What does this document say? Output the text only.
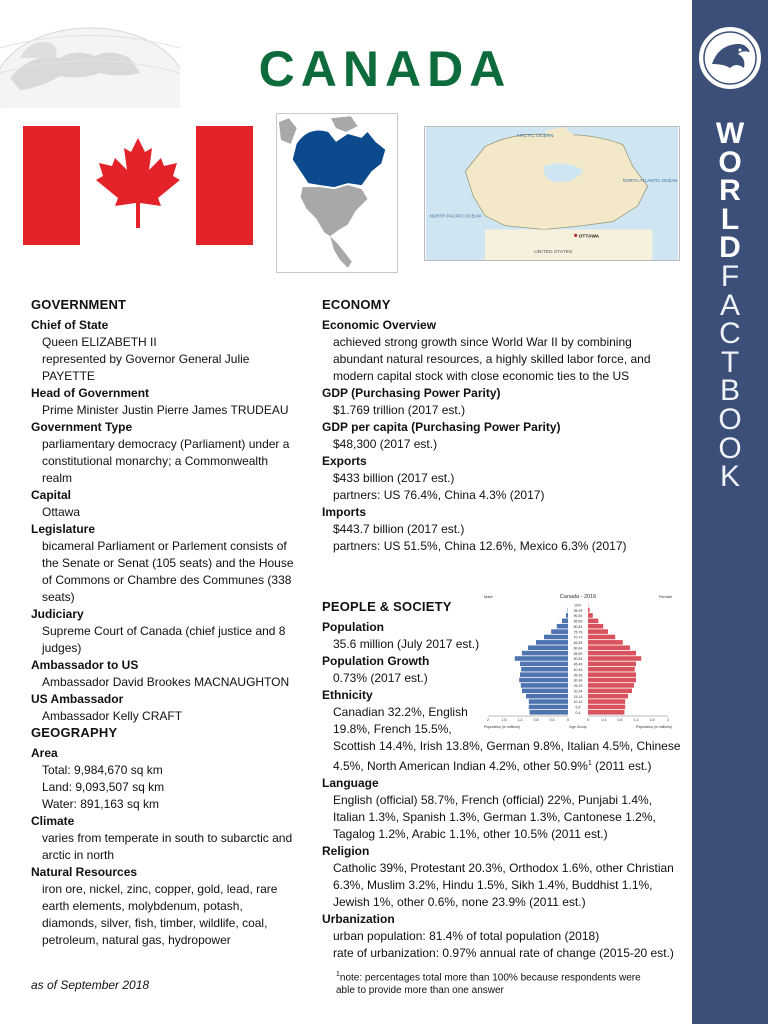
CANADA
W
O
R
L
D
F
A
C
T
B
O
O
K
ARCTIC OCEAN
NORTH PACIFIC OCEAN
NORTH ATLANTIC OCEAN
OTTAWA
UNITED STATES
GOVERNMENT
Chief of State
Queen ELIZABETH II
represented by Governor General Julie PAYETTE
Head of Government
Prime Minister Justin Pierre James TRUDEAU
Government Type
parliamentary democracy (Parliament) under a constitutional monarchy; a Commonwealth realm
Capital
Ottawa
Legislature
bicameral Parliament or Parlement consists of the Senate or Senat (105 seats) and the House of Commons or Chambre des Communes (338 seats)
Judiciary
Supreme Court of Canada (chief justice and 8 judges)
Ambassador to US
Ambassador David Brookes MACNAUGHTON
US Ambassador
Ambassador Kelly CRAFT
GEOGRAPHY
Area
Total: 9,984,670 sq km
Land: 9,093,507 sq km
Water: 891,163 sq km
Climate
varies from temperate in south to subarctic and arctic in north
Natural Resources
iron ore, nickel, zinc, copper, gold, lead, rare earth elements, molybdenum, potash, diamonds, silver, fish, timber, wildlife, coal, petroleum, natural gas, hydropower
ECONOMY
Economic Overview
achieved strong growth since World War II by combining abundant natural resources, a highly skilled labor force, and modern capital stock with close economic ties to the US
GDP (Purchasing Power Parity)
$1.769 trillion (2017 est.)
GDP per capita (Purchasing Power Parity)
$48,300 (2017 est.)
Exports
$433 billion (2017 est.)
partners: US 76.4%, China 4.3% (2017)
Imports
$443.7 billion (2017 est.)
partners: US 51.5%, China 12.6%, Mexico 6.3% (2017)
PEOPLE & SOCIETY
Population
35.6 million (July 2017 est.)
Population Growth
0.73% (2017 est.)
Ethnicity
Canadian 32.2%, English 19.8%, French 15.5%,
Scottish 14.4%, Irish 13.8%, German 9.8%, Italian 4.5%, Chinese 4.5%, North American Indian 4.2%, other 50.9%$^1$ (2011 est.)
Language
English (official) 58.7%, French (official) 22%, Punjabi 1.4%, Italian 1.3%, Spanish 1.3%, German 1.3%, Cantonese 1.2%, Tagalog 1.2%, Arabic 1.1%, other 10.5% (2011 est.)
Religion
Catholic 39%, Protestant 20.3%, Orthodox 1.6%, other Christian 6.3%, Muslim 3.2%, Hindu 1.5%, Sikh 1.4%, Buddhist 1.1%, Jewish 1%, other 0.6%, none 23.9% (2011 est.)
Urbanization
urban population: 81.4% of total population (2018)
rate of urbanization: 0.97% annual rate of change (2015-20 est.)
Canada - 2016
Male	Female
100+
95-99
90-94
85-89
80-84
75-79
70-74
65-69
60-64
55-59
50-54
45-49
40-44
35-39
30-34
25-29
20-24
15-19
10-14
5-9
0-4
2	1.6	1.2	0.8	0.4	0	0	0.4	0.8	1.2	1.6	2
Population (in millions)	Age Group	Population (in millions)
as of September 2018
$^1$note: percentages total more than 100% because respondents were able to provide more than one answer
